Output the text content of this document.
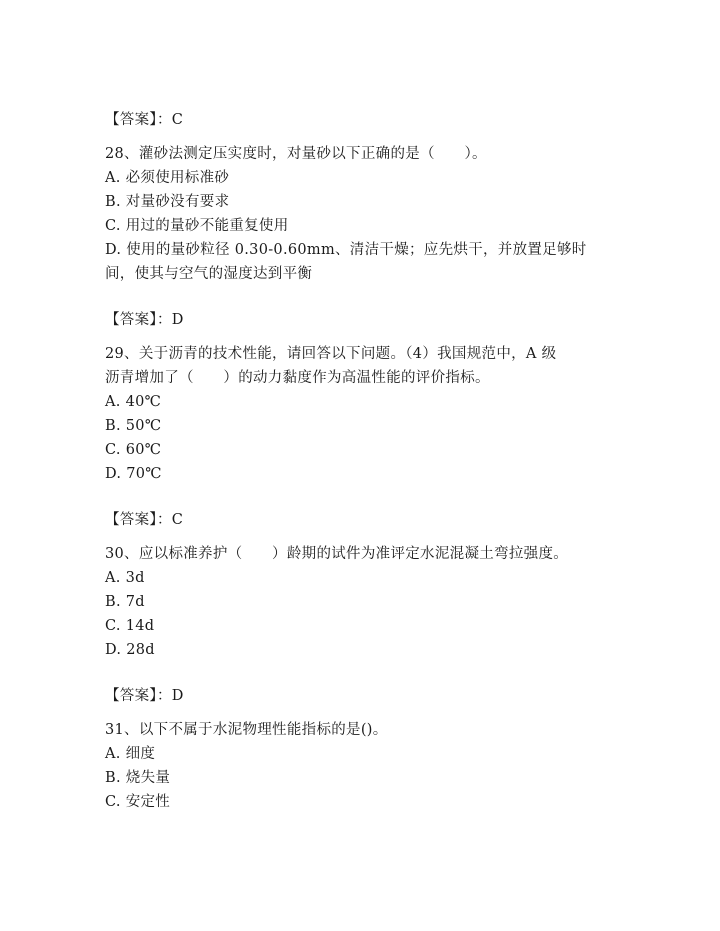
【答案】：C
28、灌砂法测定压实度时，对量砂以下正确的是（　　）。
A. 必须使用标准砂
B. 对量砂没有要求
C. 用过的量砂不能重复使用
D. 使用的量砂粒径 0.30-0.60mm、清洁干燥；应先烘干，并放置足够时
间，使其与空气的湿度达到平衡
【答案】：D
29、关于沥青的技术性能，请回答以下问题。（4）我国规范中，A 级
沥青增加了（　　）的动力黏度作为高温性能的评价指标。
A. 40℃
B. 50℃
C. 60℃
D. 70℃
【答案】：C
30、应以标准养护（　　）龄期的试件为准评定水泥混凝土弯拉强度。
A. 3d
B. 7d
C. 14d
D. 28d
【答案】：D
31、以下不属于水泥物理性能指标的是()。
A. 细度
B. 烧失量
C. 安定性
